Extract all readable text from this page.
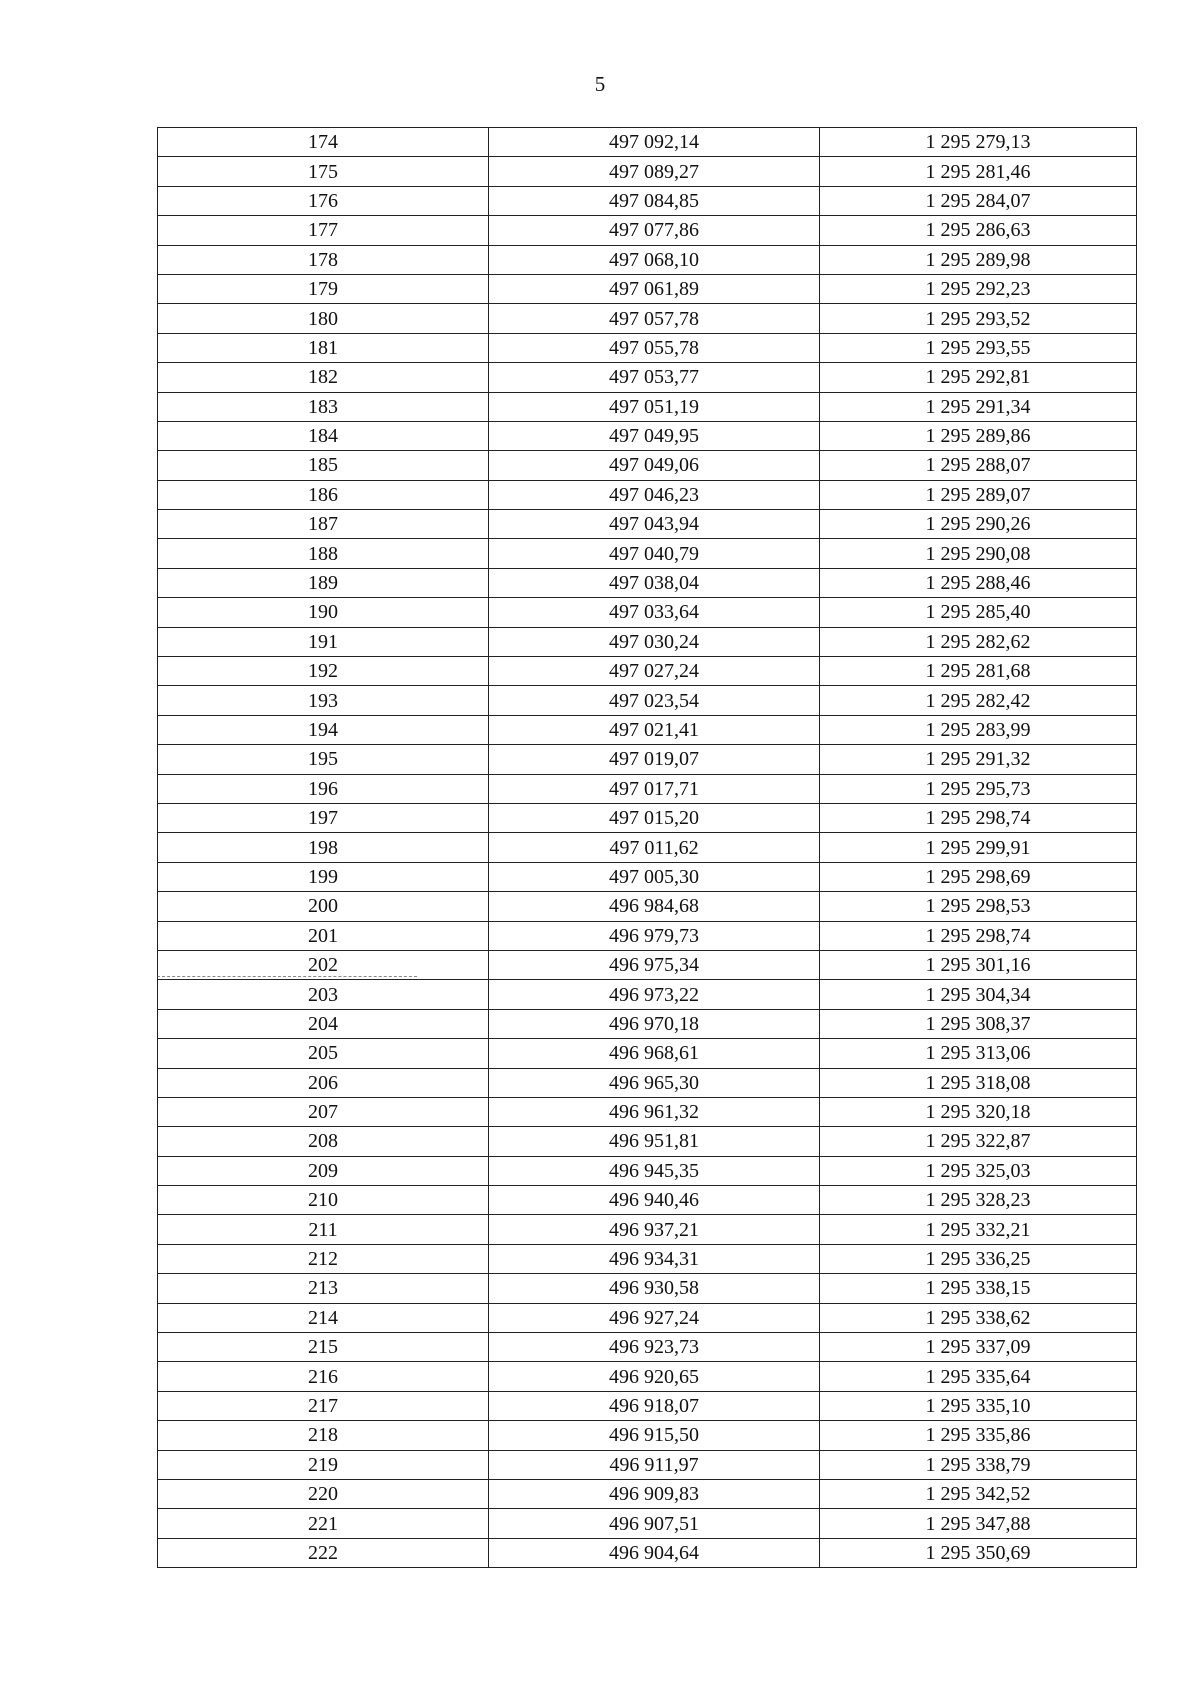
5
174	497 092,14	1 295 279,13
175	497 089,27	1 295 281,46
176	497 084,85	1 295 284,07
177	497 077,86	1 295 286,63
178	497 068,10	1 295 289,98
179	497 061,89	1 295 292,23
180	497 057,78	1 295 293,52
181	497 055,78	1 295 293,55
182	497 053,77	1 295 292,81
183	497 051,19	1 295 291,34
184	497 049,95	1 295 289,86
185	497 049,06	1 295 288,07
186	497 046,23	1 295 289,07
187	497 043,94	1 295 290,26
188	497 040,79	1 295 290,08
189	497 038,04	1 295 288,46
190	497 033,64	1 295 285,40
191	497 030,24	1 295 282,62
192	497 027,24	1 295 281,68
193	497 023,54	1 295 282,42
194	497 021,41	1 295 283,99
195	497 019,07	1 295 291,32
196	497 017,71	1 295 295,73
197	497 015,20	1 295 298,74
198	497 011,62	1 295 299,91
199	497 005,30	1 295 298,69
200	496 984,68	1 295 298,53
201	496 979,73	1 295 298,74
202	496 975,34	1 295 301,16
203	496 973,22	1 295 304,34
204	496 970,18	1 295 308,37
205	496 968,61	1 295 313,06
206	496 965,30	1 295 318,08
207	496 961,32	1 295 320,18
208	496 951,81	1 295 322,87
209	496 945,35	1 295 325,03
210	496 940,46	1 295 328,23
211	496 937,21	1 295 332,21
212	496 934,31	1 295 336,25
213	496 930,58	1 295 338,15
214	496 927,24	1 295 338,62
215	496 923,73	1 295 337,09
216	496 920,65	1 295 335,64
217	496 918,07	1 295 335,10
218	496 915,50	1 295 335,86
219	496 911,97	1 295 338,79
220	496 909,83	1 295 342,52
221	496 907,51	1 295 347,88
222	496 904,64	1 295 350,69
